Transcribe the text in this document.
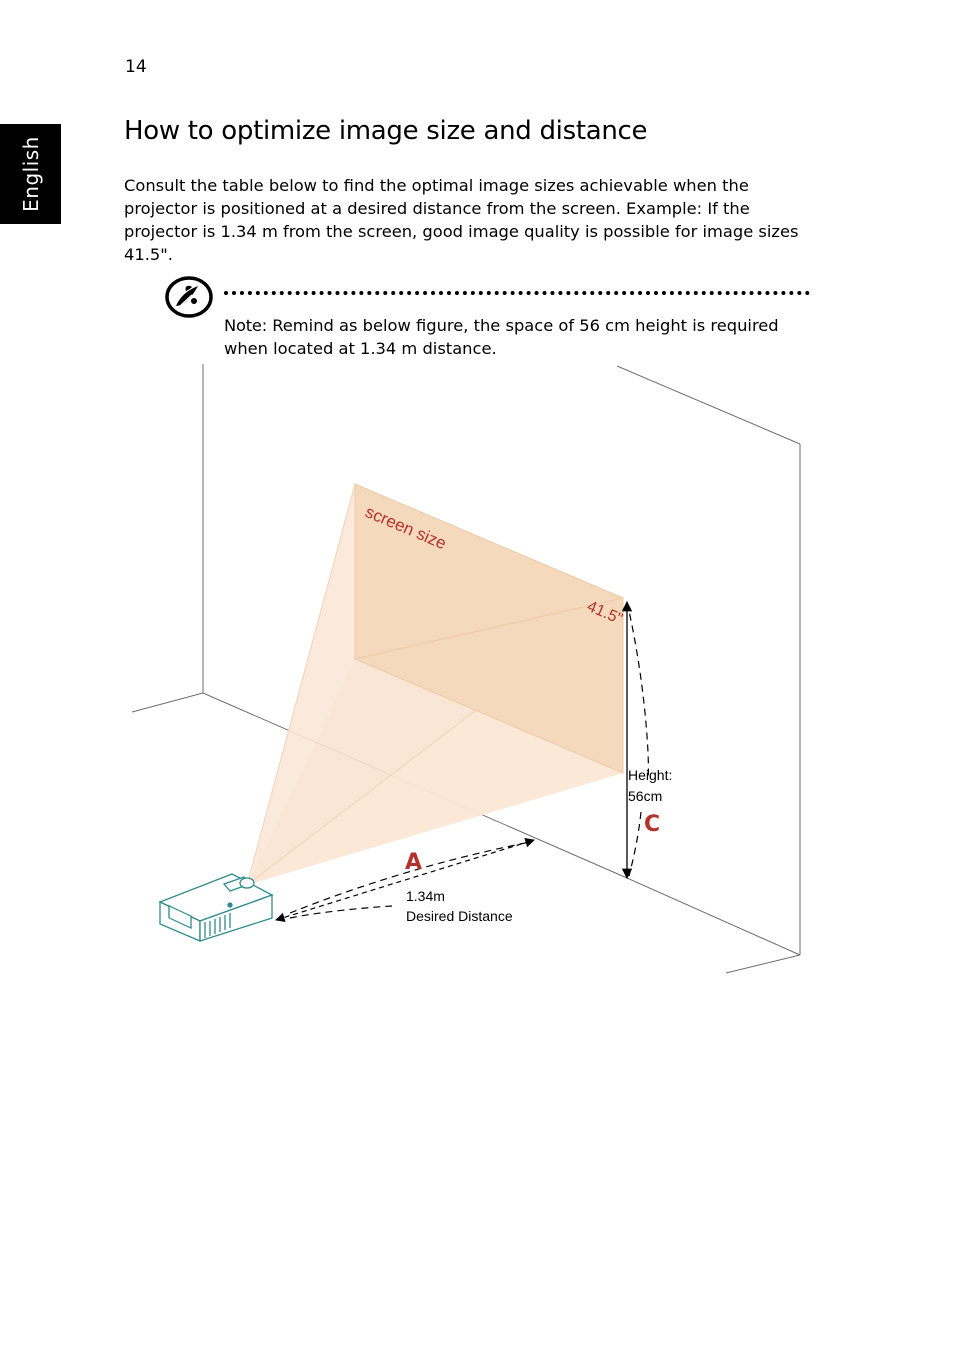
14
English
How to optimize image size and distance

Consult the table below to find the optimal image sizes achievable when the projector is positioned at a desired distance from the screen. Example: If the projector is 1.34 m from the screen, good image quality is possible for image sizes 41.5".

Note: Remind as below figure, the space of 56 cm height is required when located at 1.34 m distance.

screen size
41.5"
Height:
56cm
C
A
1.34m
Desired Distance
